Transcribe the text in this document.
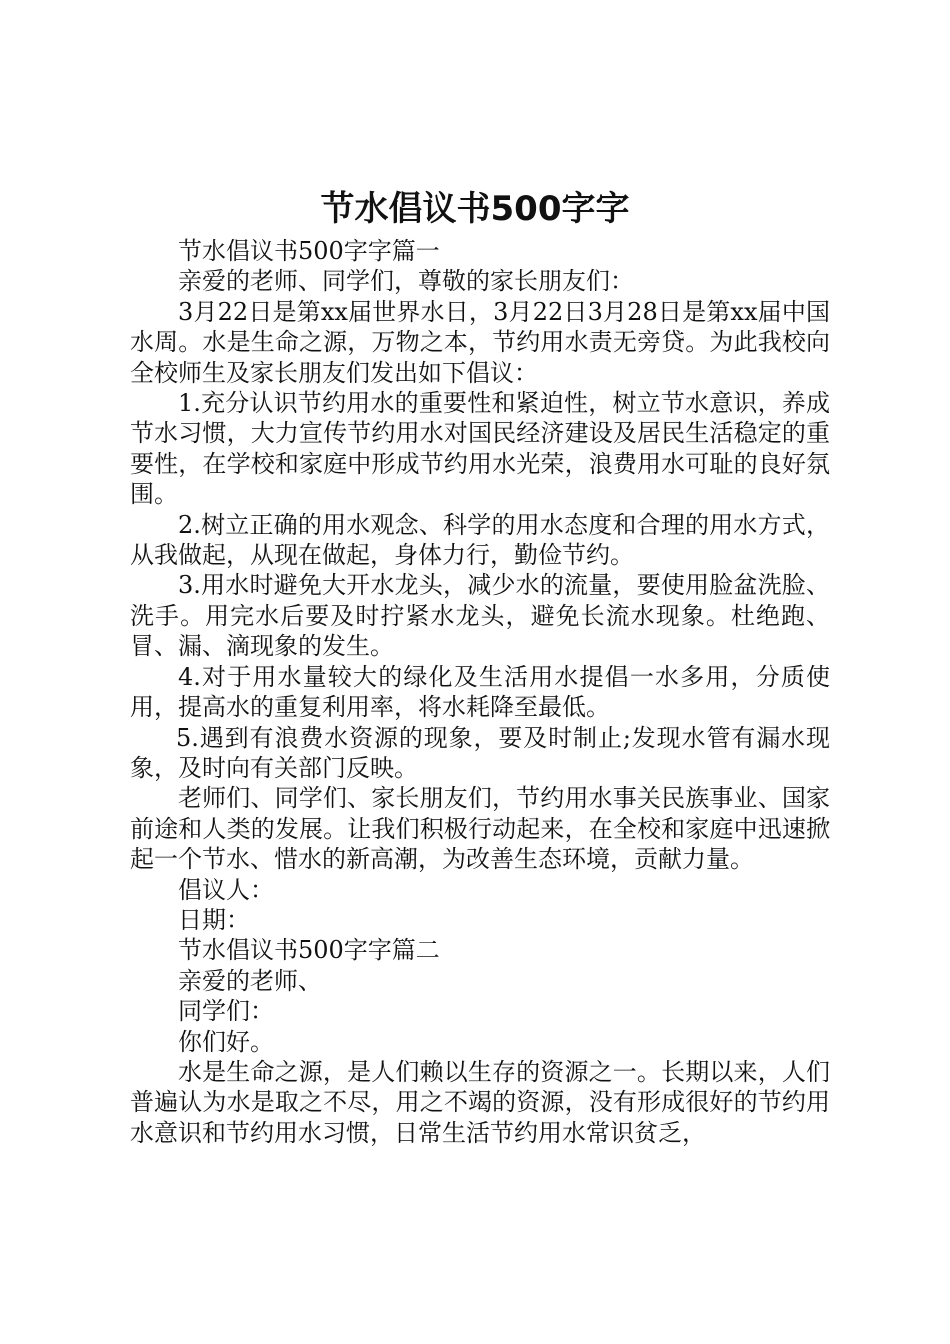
节水倡议书500字字

节水倡议书500字字篇一

亲爱的老师、同学们，尊敬的家长朋友们：

3月22日是第xx届世界水日，3月22日3月28日是第xx届中国水周。水是生命之源，万物之本，节约用水责无旁贷。为此我校向全校师生及家长朋友们发出如下倡议：

1.充分认识节约用水的重要性和紧迫性，树立节水意识，养成节水习惯，大力宣传节约用水对国民经济建设及居民生活稳定的重要性，在学校和家庭中形成节约用水光荣，浪费用水可耻的良好氛围。

2.树立正确的用水观念、科学的用水态度和合理的用水方式，从我做起，从现在做起，身体力行，勤俭节约。

3.用水时避免大开水龙头，减少水的流量，要使用脸盆洗脸、洗手。用完水后要及时拧紧水龙头，避免长流水现象。杜绝跑、冒、漏、滴现象的发生。

4.对于用水量较大的绿化及生活用水提倡一水多用，分质使用，提高水的重复利用率，将水耗降至最低。

5.遇到有浪费水资源的现象，要及时制止;发现水管有漏水现象，及时向有关部门反映。

老师们、同学们、家长朋友们，节约用水事关民族事业、国家前途和人类的发展。让我们积极行动起来，在全校和家庭中迅速掀起一个节水、惜水的新高潮，为改善生态环境，贡献力量。

倡议人：

日期：

节水倡议书500字字篇二

亲爱的老师、

同学们：

你们好。

水是生命之源，是人们赖以生存的资源之一。长期以来，人们普遍认为水是取之不尽，用之不竭的资源，没有形成很好的节约用水意识和节约用水习惯，日常生活节约用水常识贫乏，
